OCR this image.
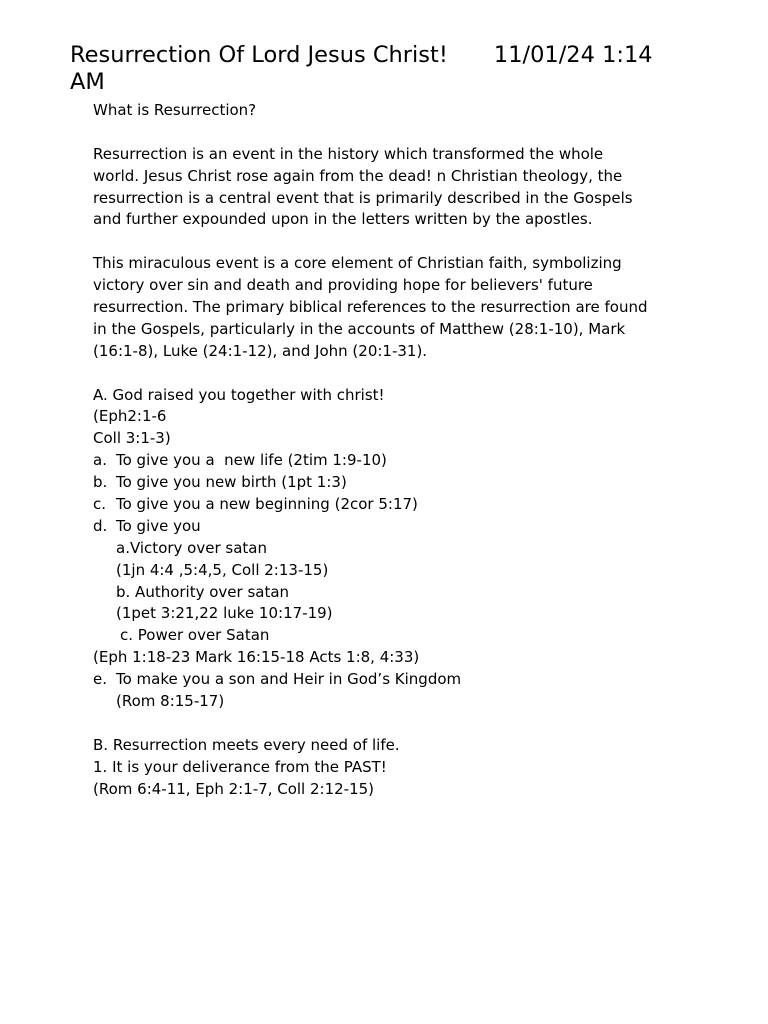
Resurrection Of Lord Jesus Christ! 11/01/24 1:14
AM
What is Resurrection?
Resurrection is an event in the history which transformed the whole
world. Jesus Christ rose again from the dead! n Christian theology, the
resurrection is a central event that is primarily described in the Gospels
and further expounded upon in the letters written by the apostles.
This miraculous event is a core element of Christian faith, symbolizing
victory over sin and death and providing hope for believers' future
resurrection. The primary biblical references to the resurrection are found
in the Gospels, particularly in the accounts of Matthew (28:1-10), Mark
(16:1-8), Luke (24:1-12), and John (20:1-31).
A. God raised you together with christ!
(Eph2:1-6
Coll 3:1-3)
a. To give you a  new life (2tim 1:9-10)
b. To give you new birth (1pt 1:3)
c. To give you a new beginning (2cor 5:17)
d. To give you
a.Victory over satan
(1jn 4:4 ,5:4,5, Coll 2:13-15)
b. Authority over satan
(1pet 3:21,22 luke 10:17-19)
c. Power over Satan
(Eph 1:18-23 Mark 16:15-18 Acts 1:8, 4:33)
e. To make you a son and Heir in God’s Kingdom
(Rom 8:15-17)
B. Resurrection meets every need of life.
1. It is your deliverance from the PAST!
(Rom 6:4-11, Eph 2:1-7, Coll 2:12-15)
